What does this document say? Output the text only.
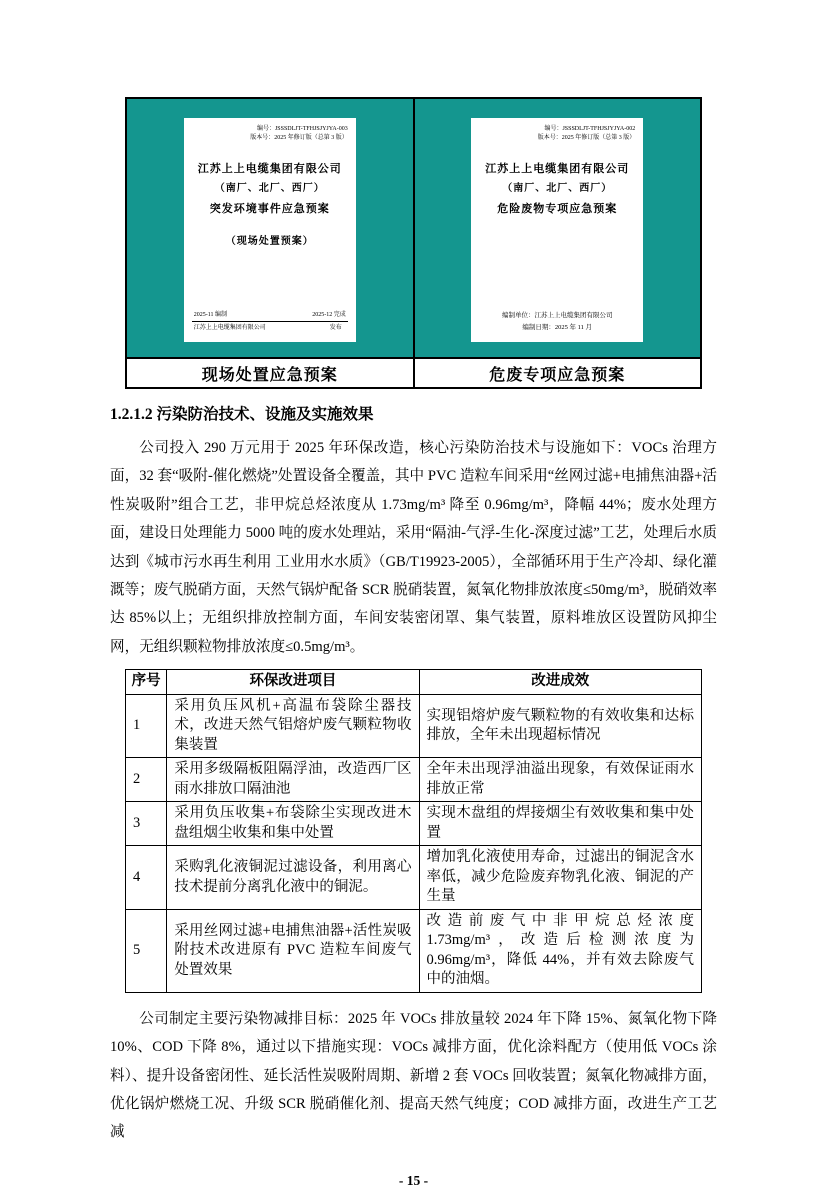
编号：JSSSDLJT-TFHJSJYJYA-003
版本号：2025 年修订版（总第 3 版）
江苏上上电缆集团有限公司
（南厂、北厂、西厂）
突发环境事件应急预案
（现场处置预案）
2025-11 编制	2025-12 完成
江苏上上电缆集团有限公司	发布

编号：JSSSDLJT-TFHJSJYJYA-002
版本号：2025 年修订版（总第 3 版）
江苏上上电缆集团有限公司
（南厂、北厂、西厂）
危险废物专项应急预案
编制单位：江苏上上电缆集团有限公司
编制日期：2025 年 11 月

现场处置应急预案	危废专项应急预案
1.2.1.2 污染防治技术、设施及实施效果

公司投入 290 万元用于 2025 年环保改造，核心污染防治技术与设施如下：VOCs 治理方面，32 套“吸附-催化燃烧”处置设备全覆盖，其中 PVC 造粒车间采用“丝网过滤+电捕焦油器+活性炭吸附”组合工艺，非甲烷总烃浓度从 1.73mg/m³ 降至 0.96mg/m³，降幅 44%；废水处理方面，建设日处理能力 5000 吨的废水处理站，采用“隔油-气浮-生化-深度过滤”工艺，处理后水质达到《城市污水再生利用 工业用水水质》（GB/T19923-2005），全部循环用于生产冷却、绿化灌溉等；废气脱硝方面，天然气锅炉配备 SCR 脱硝装置，氮氧化物排放浓度≤50mg/m³，脱硝效率达 85%以上；无组织排放控制方面，车间安装密闭罩、集气装置，原料堆放区设置防风抑尘网，无组织颗粒物排放浓度≤0.5mg/m³。

序号	环保改进项目	改进成效
1	采用负压风机+高温布袋除尘器技术，改进天然气铝熔炉废气颗粒物收集装置	实现铝熔炉废气颗粒物的有效收集和达标排放，全年未出现超标情况
2	采用多级隔板阻隔浮油，改造西厂区雨水排放口隔油池	全年未出现浮油溢出现象，有效保证雨水排放正常
3	采用负压收集+布袋除尘实现改进木盘组烟尘收集和集中处置	实现木盘组的焊接烟尘有效收集和集中处置
4	采购乳化液铜泥过滤设备，利用离心技术提前分离乳化液中的铜泥。	增加乳化液使用寿命，过滤出的铜泥含水率低，减少危险废弃物乳化液、铜泥的产生量
5	采用丝网过滤+电捕焦油器+活性炭吸附技术改进原有 PVC 造粒车间废气处置效果	改造前废气中非甲烷总烃浓度 1.73mg/m³，改造后检测浓度为 0.96mg/m³，降低 44%，并有效去除废气中的油烟。

公司制定主要污染物减排目标：2025 年 VOCs 排放量较 2024 年下降 15%、氮氧化物下降 10%、COD 下降 8%，通过以下措施实现：VOCs 减排方面，优化涂料配方（使用低 VOCs 涂料）、提升设备密闭性、延长活性炭吸附周期、新增 2 套 VOCs 回收装置；氮氧化物减排方面，优化锅炉燃烧工况、升级 SCR 脱硝催化剂、提高天然气纯度；COD 减排方面，改进生产工艺减

- 15 -
